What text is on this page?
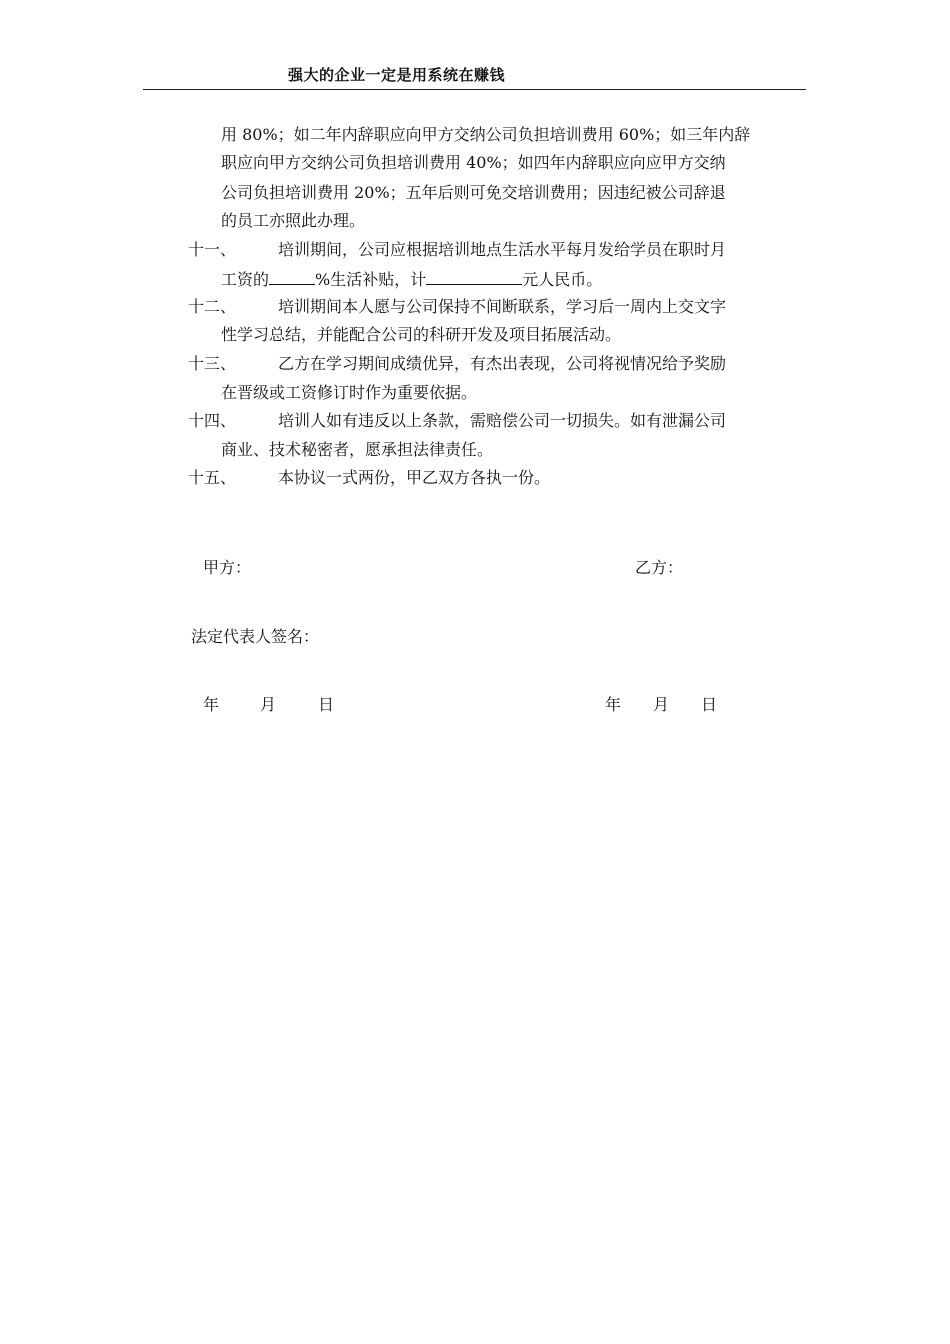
强大的企业一定是用系统在赚钱
用 80%；如二年内辞职应向甲方交纳公司负担培训费用 60%；如三年内辞
职应向甲方交纳公司负担培训费用 40%；如四年内辞职应向应甲方交纳
公司负担培训费用 20%；五年后则可免交培训费用；因违纪被公司辞退
的员工亦照此办理。
十一、	培训期间，公司应根据培训地点生活水平每月发给学员在职时月
工资的	%生活补贴，计	元人民币。
十二、	培训期间本人愿与公司保持不间断联系，学习后一周内上交文字
性学习总结，并能配合公司的科研开发及项目拓展活动。
十三、	乙方在学习期间成绩优异，有杰出表现，公司将视情况给予奖励
在晋级或工资修订时作为重要依据。
十四、	培训人如有违反以上条款，需赔偿公司一切损失。如有泄漏公司
商业、技术秘密者，愿承担法律责任。
十五、	本协议一式两份，甲乙双方各执一份。
甲方：	乙方：
法定代表人签名：
年	月	日	年 月 日
